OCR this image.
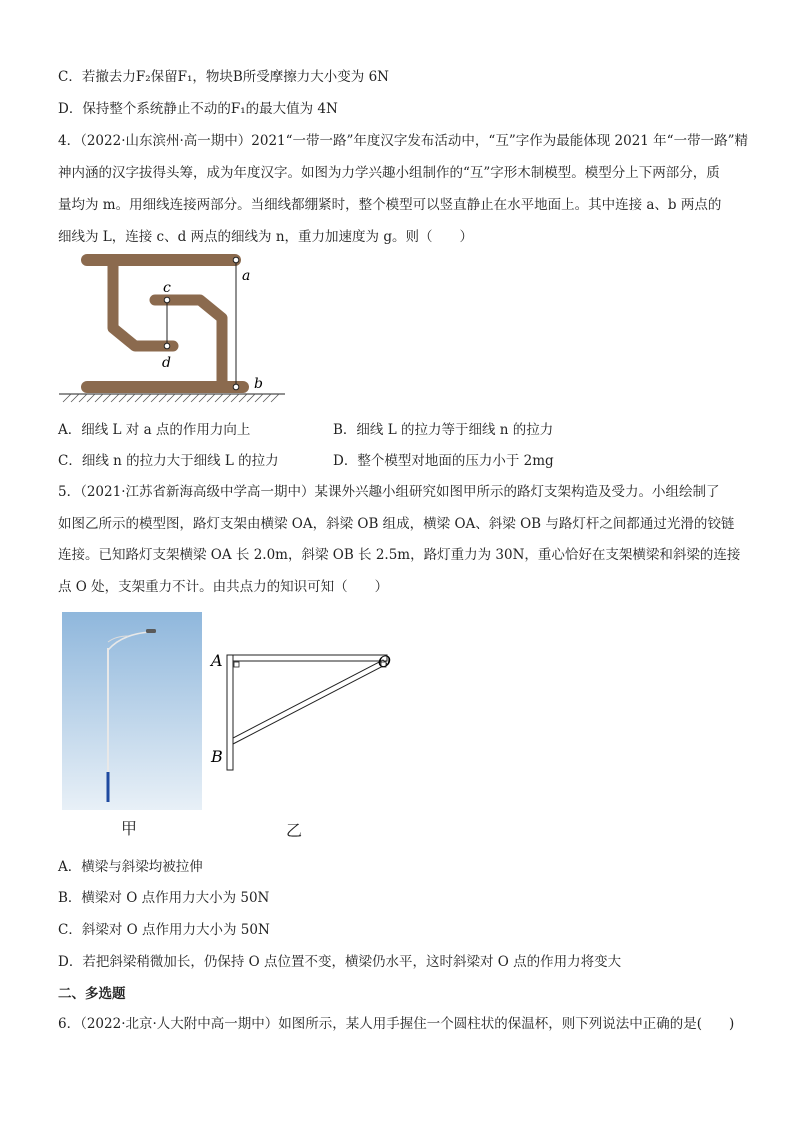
C．若撤去力F₂保留F₁，物块B所受摩擦力大小变为 6N
D．保持整个系统静止不动的F₁的最大值为 4N
4．（2022·山东滨州·高一期中）2021“一带一路”年度汉字发布活动中，“互”字作为最能体现 2021 年“一带一路”精
神内涵的汉字拔得头筹，成为年度汉字。如图为力学兴趣小组制作的“互”字形木制模型。模型分上下两部分，质
量均为 m。用细线连接两部分。当细线都绷紧时，整个模型可以竖直静止在水平地面上。其中连接 a、b 两点的
细线为 L，连接 c、d 两点的细线为 n，重力加速度为 g。则（　　）
a
b
c
d
A．细线 L 对 a 点的作用力向上	B．细线 L 的拉力等于细线 n 的拉力
C．细线 n 的拉力大于细线 L 的拉力	D．整个模型对地面的压力小于 2mg
5．（2021·江苏省新海高级中学高一期中）某课外兴趣小组研究如图甲所示的路灯支架构造及受力。小组绘制了
如图乙所示的模型图，路灯支架由横梁 OA，斜梁 OB 组成，横梁 OA、斜梁 OB 与路灯杆之间都通过光滑的铰链
连接。已知路灯支架横梁 OA 长 2.0m，斜梁 OB 长 2.5m，路灯重力为 30N，重心恰好在支架横梁和斜梁的连接
点 O 处，支架重力不计。由共点力的知识可知（　　）
甲
A	O
B
乙
A．横梁与斜梁均被拉伸
B．横梁对 O 点作用力大小为 50N
C．斜梁对 O 点作用力大小为 50N
D．若把斜梁稍微加长，仍保持 O 点位置不变，横梁仍水平，这时斜梁对 O 点的作用力将变大
二、多选题
6．（2022·北京·人大附中高一期中）如图所示，某人用手握住一个圆柱状的保温杯，则下列说法中正确的是(　　)
